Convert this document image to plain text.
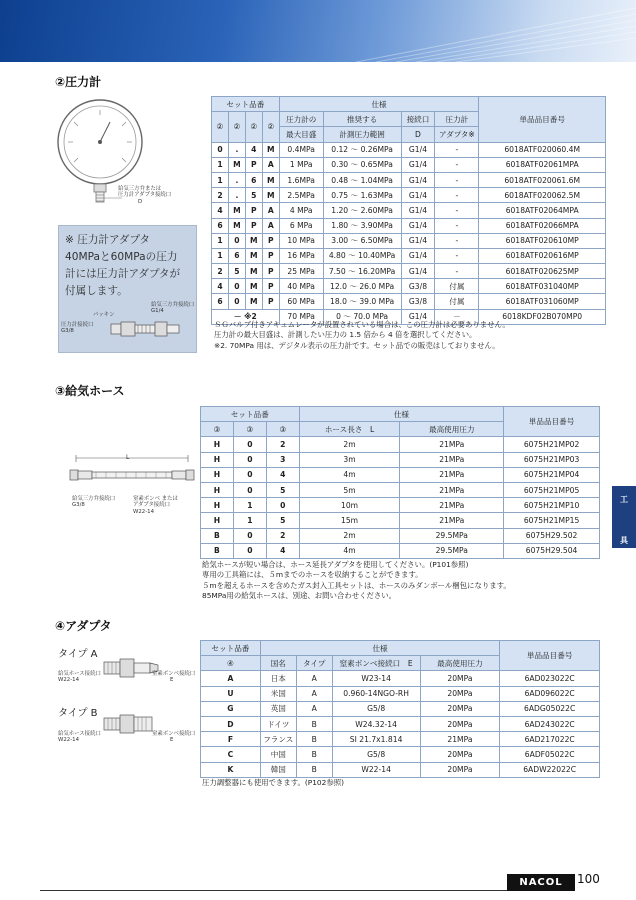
②圧力計
給気三方弁または
圧力計アダプタ接続口
D
※ 圧力計アダプタ
40MPaと60MPaの圧力
計には圧力計アダプタが
付属します。
給気三方弁接続口
G1/4
パッキン
圧力計接続口
G3/8
セット品番				仕様				単品品目番号
②	②	②	②	圧力計の	推奨する	接続口	圧力計	
				最大目盛	計測圧力範囲	D	アダプタ※	
0	.	4	M	0.4MPa	0.12 ～ 0.26MPa	G1/4	-	6018ATF020060.4M
1	M	P	A	1 MPa	0.30 ～ 0.65MPa	G1/4	-	6018ATF02061MPA
1	.	6	M	1.6MPa	0.48 ～ 1.04MPa	G1/4	-	6018ATF020061.6M
2	.	5	M	2.5MPa	0.75 ～ 1.63MPa	G1/4	-	6018ATF020062.5M
4	M	P	A	4 MPa	1.20 ～ 2.60MPa	G1/4	-	6018ATF02064MPA
6	M	P	A	6 MPa	1.80 ～ 3.90MPa	G1/4	-	6018ATF02066MPA
1	0	M	P	10 MPa	3.00 ～ 6.50MPa	G1/4	-	6018ATF020610MP
1	6	M	P	16 MPa	4.80 ～ 10.40MPa	G1/4	-	6018ATF020616MP
2	5	M	P	25 MPa	7.50 ～ 16.20MPa	G1/4	-	6018ATF020625MP
4	0	M	P	40 MPa	12.0 ～ 26.0 MPa	G3/8	付属	6018ATF031040MP
6	0	M	P	60 MPa	18.0 ～ 39.0 MPa	G3/8	付属	6018ATF031060MP
－ ※2				70 MPa	0 ～ 70.0 MPa	G1/4	－	6018KDF02B070MP0
ＳＧバルブ付きアキュムレータが設置されている場合は、この圧力計は必要ありません。
圧力計の最大目盛は、計測したい圧力の 1.5 倍から 4 倍を選択してください。
※2. 70MPa 用は、デジタル表示の圧力計です。セット品での販売はしておりません。
③給気ホース
L
給気三方弁接続口
G3/8
窒素ボンベ または
アダプタ接続口
W22-14
セット品番			仕様		単品品目番号
③	③	③	ホース長さ　L	最高使用圧力	
H	0	2	2m	21MPa	6075H21MP02
H	0	3	3m	21MPa	6075H21MP03
H	0	4	4m	21MPa	6075H21MP04
H	0	5	5m	21MPa	6075H21MP05
H	1	0	10m	21MPa	6075H21MP10
H	1	5	15m	21MPa	6075H21MP15
B	0	2	2m	29.5MPa	6075H29.502
B	0	4	4m	29.5MPa	6075H29.504
給気ホースが短い場合は、ホース延長アダプタを使用してください。(P101参照)
専用の工具箱には、５mまでのホースを収納することができます。
５mを超えるホースを含めたガス封入工具セットは、ホースのみダンボール梱包になります。
85MPa用の給気ホースは、別途、お問い合わせください。
④アダプタ
タイプ A
給気ホース接続口
W22-14
窒素ボンベ接続口
E
タイプ B
給気ホース接続口
W22-14
窒素ボンベ接続口
E
セット品番	仕様				単品品目番号
④	国名	タイプ	窒素ボンベ接続口　E	最高使用圧力	
A	日本	A	W23-14	20MPa	6AD023022C
U	米国	A	0.960-14NGO-RH	20MPa	6AD096022C
G	英国	A	G5/8	20MPa	6ADG05022C
D	ドイツ	B	W24.32-14	20MPa	6AD243022C
F	フランス	B	SI 21.7x1.814	21MPa	6AD217022C
C	中国	B	G5/8	20MPa	6ADF05022C
K	韓国	B	W22-14	20MPa	6ADW22022C
圧力調整器にも使用できます。(P102参照)
工
具
NACOL	100
